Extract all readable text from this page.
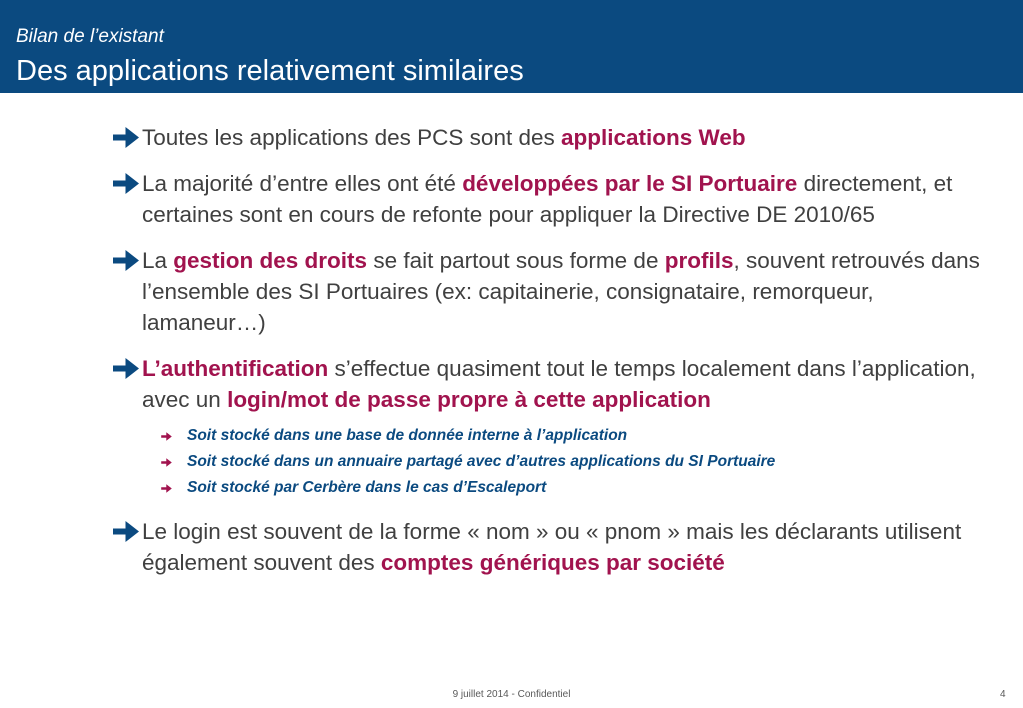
Bilan de l’existant
Des applications relativement similaires
Toutes les applications des PCS sont des applications Web
La majorité d’entre elles ont été développées par le SI Portuaire directement, et certaines sont en cours de refonte pour appliquer la Directive DE 2010/65
La gestion des droits se fait partout sous forme de profils, souvent retrouvés dans l’ensemble des SI Portuaires (ex: capitainerie, consignataire, remorqueur, lamaneur…)
L’authentification s’effectue quasiment tout le temps localement dans l’application, avec un login/mot de passe propre à cette application
Soit stocké dans une base de donnée interne à l’application
Soit stocké dans un annuaire partagé avec d’autres applications du SI Portuaire
Soit stocké par Cerbère dans le cas d’Escaleport
Le login est souvent de la forme « nom » ou « pnom » mais les déclarants utilisent également souvent des comptes génériques par société
9 juillet 2014 - Confidentiel	4
